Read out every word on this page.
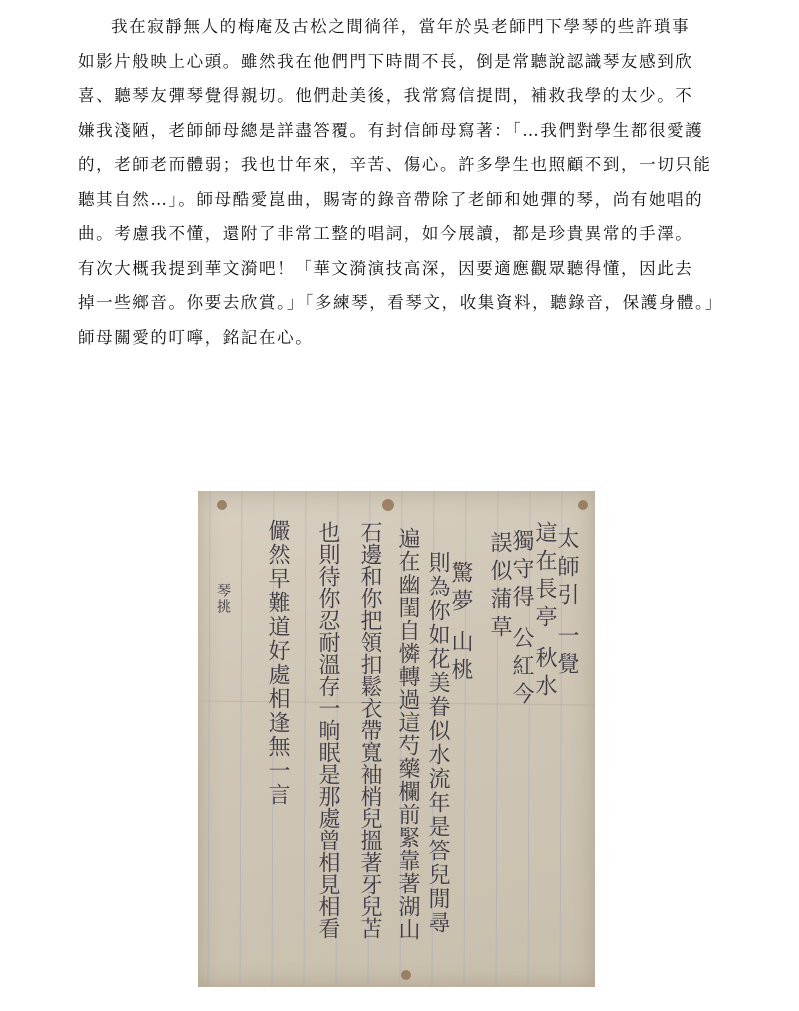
我在寂靜無人的梅庵及古松之間徜徉，當年於吳老師門下學琴的些許瑣事
如影片般映上心頭。雖然我在他們門下時間不長，倒是常聽說認識琴友感到欣
喜、聽琴友彈琴覺得親切。他們赴美後，我常寫信提問，補救我學的太少。不
嫌我淺陋，老師師母總是詳盡答覆。有封信師母寫著：「…我們對學生都很愛護
的，老師老而體弱；我也廿年來，辛苦、傷心。許多學生也照顧不到，一切只能
聽其自然…」。師母酷愛崑曲，賜寄的錄音帶除了老師和她彈的琴，尚有她唱的
曲。考慮我不懂，還附了非常工整的唱詞，如今展讀，都是珍貴異常的手澤。
有次大概我提到華文漪吧！「華文漪演技高深，因要適應觀眾聽得懂，因此去
掉一些鄉音。你要去欣賞。」「多練琴，看琴文，收集資料，聽錄音，保護身體。」
師母關愛的叮嚀，銘記在心。
太師引 一覺
這在長亭 秋水
獨守得 公紅今
誤似蒲草
驚夢 山桃
則為你如花美眷似水流年是答兒閒尋
遍在幽閨自憐轉過這芍藥欄前緊靠著湖山
石邊和你把領扣鬆衣帶寬袖梢兒搵著牙兒苫
也則待你忍耐溫存一晌眠是那處曾相見相看
儼然早難道好處相逢無一言
琴挑
